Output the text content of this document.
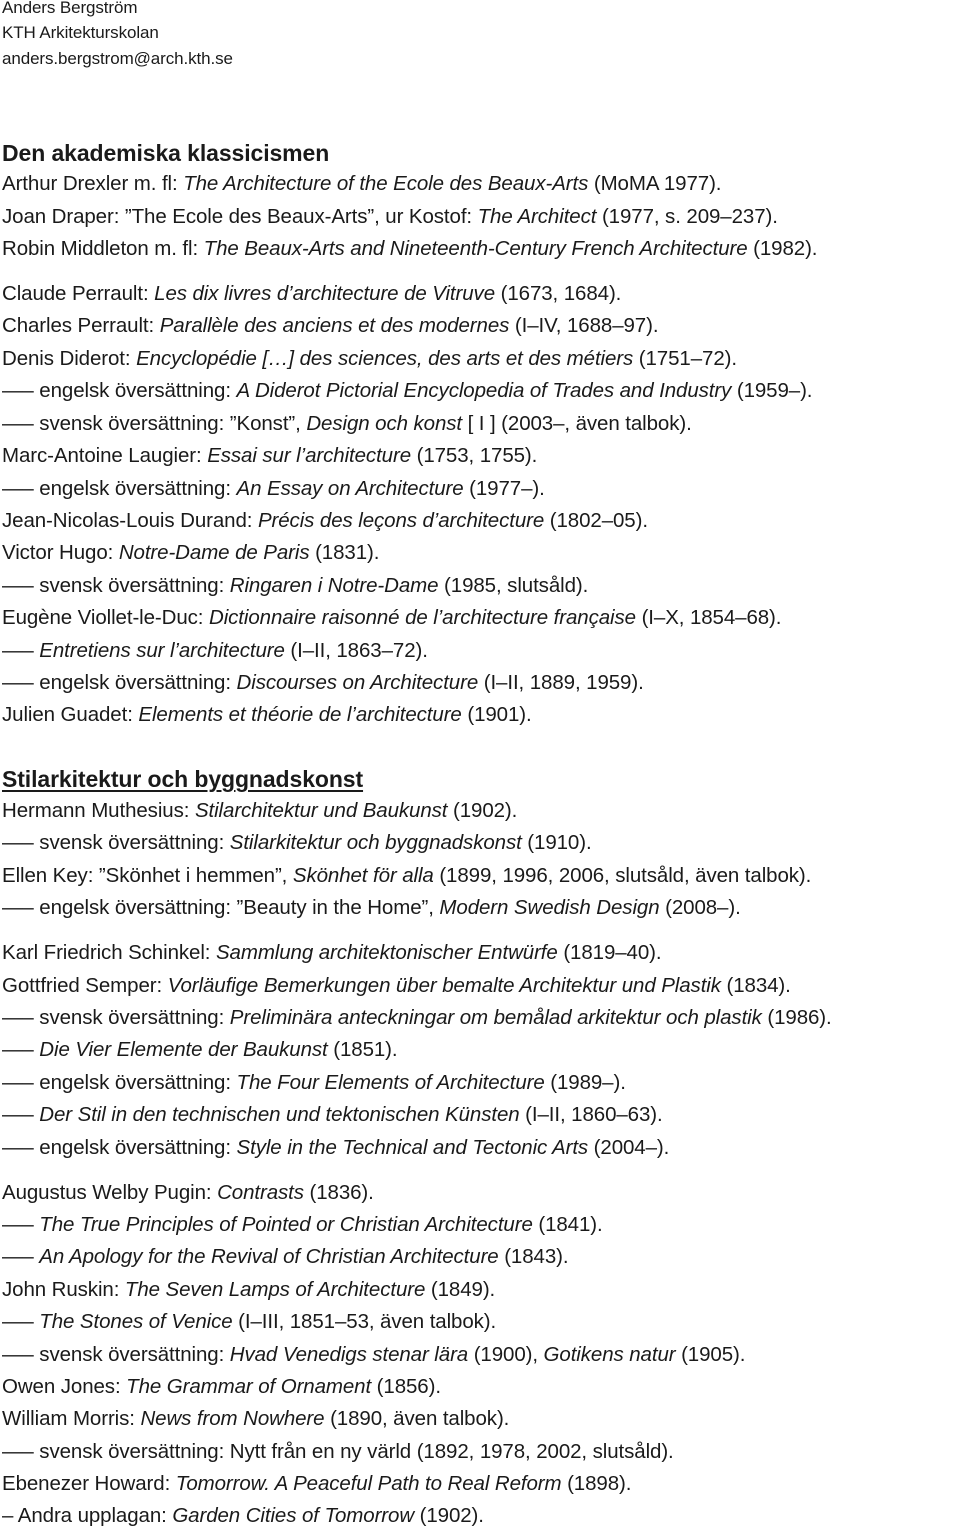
Anders Bergström
KTH Arkitekturskolan
anders.bergstrom@arch.kth.se
Den akademiska klassicismen
Arthur Drexler m. fl: The Architecture of the Ecole des Beaux-Arts (MoMA 1977).
Joan Draper: ”The Ecole des Beaux-Arts”, ur Kostof: The Architect (1977, s. 209–237).
Robin Middleton m. fl: The Beaux-Arts and Nineteenth-Century French Architecture (1982).
Claude Perrault: Les dix livres d’architecture de Vitruve (1673, 1684).
Charles Perrault: Parallèle des anciens et des modernes (I–IV, 1688–97).
Denis Diderot: Encyclopédie […] des sciences, des arts et des métiers (1751–72).
—– engelsk översättning: A Diderot Pictorial Encyclopedia of Trades and Industry (1959–).
—– svensk översättning: ”Konst”, Design och konst [ I ] (2003–, även talbok).
Marc-Antoine Laugier: Essai sur l’architecture (1753, 1755).
—– engelsk översättning: An Essay on Architecture (1977–).
Jean-Nicolas-Louis Durand: Précis des leçons d’architecture (1802–05).
Victor Hugo: Notre-Dame de Paris (1831).
—– svensk översättning: Ringaren i Notre-Dame (1985, slutsåld).
Eugène Viollet-le-Duc: Dictionnaire raisonné de l’architecture française (I–X, 1854–68).
—– Entretiens sur l’architecture (I–II, 1863–72).
—– engelsk översättning: Discourses on Architecture (I–II, 1889, 1959).
Julien Guadet: Elements et théorie de l’architecture (1901).
Stilarkitektur och byggnadskonst
Hermann Muthesius: Stilarchitektur und Baukunst (1902).
—– svensk översättning: Stilarkitektur och byggnadskonst (1910).
Ellen Key: ”Skönhet i hemmen”, Skönhet för alla (1899, 1996, 2006, slutsåld, även talbok).
—– engelsk översättning: ”Beauty in the Home”, Modern Swedish Design (2008–).
Karl Friedrich Schinkel: Sammlung architektonischer Entwürfe (1819–40).
Gottfried Semper: Vorläufige Bemerkungen über bemalte Architektur und Plastik (1834).
—– svensk översättning: Preliminära anteckningar om bemålad arkitektur och plastik (1986).
—– Die Vier Elemente der Baukunst (1851).
—– engelsk översättning: The Four Elements of Architecture (1989–).
—– Der Stil in den technischen und tektonischen Künsten (I–II, 1860–63).
—– engelsk översättning: Style in the Technical and Tectonic Arts (2004–).
Augustus Welby Pugin: Contrasts (1836).
—– The True Principles of Pointed or Christian Architecture (1841).
—– An Apology for the Revival of Christian Architecture (1843).
John Ruskin: The Seven Lamps of Architecture (1849).
—– The Stones of Venice (I–III, 1851–53, även talbok).
—– svensk översättning: Hvad Venedigs stenar lära (1900), Gotikens natur (1905).
Owen Jones: The Grammar of Ornament (1856).
William Morris: News from Nowhere (1890, även talbok).
—– svensk översättning: Nytt från en ny värld (1892, 1978, 2002, slutsåld).
Ebenezer Howard: Tomorrow. A Peaceful Path to Real Reform (1898).
– Andra upplagan: Garden Cities of Tomorrow (1902).
